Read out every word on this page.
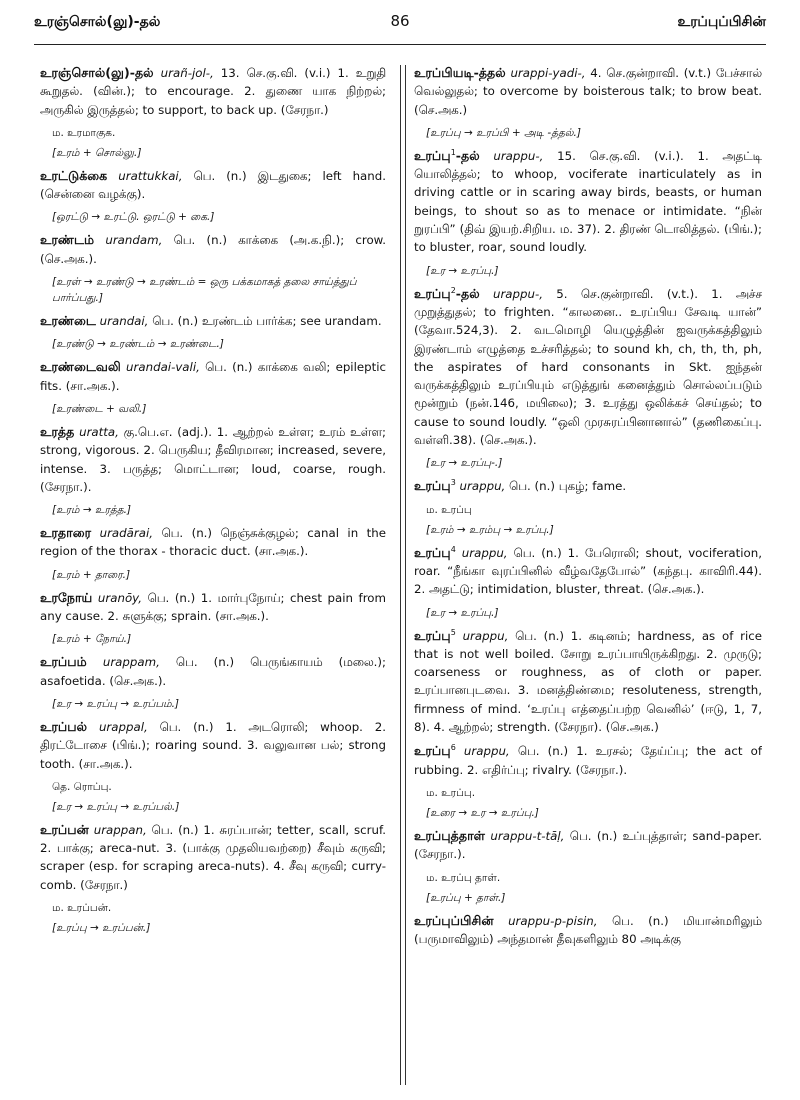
உரஞ்சொல்(லு)-தல்	86	உரப்புப்பிசின்

உரஞ்சொல்(லு)-தல் urañ-jol-, 13. செ.கு.வி. (v.i.) 1. உறுதி கூறுதல். (வின்.); to encourage. 2. துணை யாக நிற்றல்; அருகில் இருத்தல்; to support, to back up. (சேரநா.)

ம. உரமாகுக.
[உரம் + சொல்லு.]

உரட்டுக்கை urattukkai, பெ. (n.) இடதுகை; left hand. (சென்னை வழக்கு).

[ஒரட்டு → உரட்டு. ஒரட்டு + கை.]

உரண்டம் urandam, பெ. (n.) காக்கை (அ.க.நி.); crow. (செ.அக.).

[உரள் → உரண்டு → உரண்டம் = ஒரு பக்கமாகத் தலை சாய்த்துப் பார்ப்பது.]

உரண்டை urandai, பெ. (n.) உரண்டம் பார்க்க; see urandam.

[உரண்டு → உரண்டம் → உரண்டை.]

உரண்டைவலி urandai-vali, பெ. (n.) காக்கை வலி; epileptic fits. (சா.அக.).

[உரண்டை + வலி.]

உரத்த uratta, கு.பெ.எ. (adj.). 1. ஆற்றல் உள்ள; உரம் உள்ள; strong, vigorous. 2. பெருகிய; தீவிரமான; increased, severe, intense. 3. பருத்த; மொட்டான; loud, coarse, rough. (சேரநா.).

[உரம் → உரத்த.]

உரதாரை uradārai, பெ. (n.) நெஞ்சுக்குழல்; canal in the region of the thorax - thoracic duct. (சா.அக.).

[உரம் + தாரை.]

உரநோய் uranōy, பெ. (n.) 1. மார்புநோய்; chest pain from any cause. 2. சுளுக்கு; sprain. (சா.அக.).

[உரம் + நோய்.]

உரப்பம் urappam, பெ. (n.) பெருங்காயம் (மலை.); asafoetida. (செ.அக.).

[உர → உரப்பு → உரப்பம்.]

உரப்பல் urappal, பெ. (n.) 1. அடரொலி; whoop. 2. திரட்டோசை (பிங்.); roaring sound. 3. வலுவான பல்; strong tooth. (சா.அக.).

தெ. ரொப்பு.
[உர → உரப்பு → உரப்பல்.]

உரப்பன் urappan, பெ. (n.) 1. சுரப்பான்; tetter, scall, scruf. 2. பாக்கு; areca-nut. 3. (பாக்கு முதலியவற்றை) சீவும் கருவி; scraper (esp. for scraping areca-nuts). 4. சீவு கருவி; curry-comb. (சேரநா.)

ம. உரப்பன்.
[உரப்பு → உரப்பன்.]

உரப்பியடி-த்தல் urappi-yadi-, 4. செ.குன்றாவி. (v.t.) பேச்சால் வெல்லுதல்; to overcome by boisterous talk; to brow beat. (செ.அக.)

[உரப்பு → உரப்பி + அடி -த்தல்.]

உரப்பு$^1$-தல் urappu-, 15. செ.கு.வி. (v.i.). 1. அதட்டி யொலித்தல்; to whoop, vociferate inarticulately as in driving cattle or in scaring away birds, beasts, or human beings, to shout so as to menace or intimidate. “நின் றுரப்பி” (திவ் இயற்.சிறிய. ம. 37). 2. திரண் டொலித்தல். (பிங்.); to bluster, roar, sound loudly.

[உர → உரப்பு.]

உரப்பு$^2$-தல் urappu-, 5. செ.குன்றாவி. (v.t.). 1. அச்ச முறுத்துதல்; to frighten. “காலனை.. உரப்பிய சேவடி யான்” (தேவா.524,3). 2. வடமொழி யெழுத்தின் ஐவருக்கத்திலும் இரண்டாம் எழுத்தை உச்சரித்தல்; to sound kh, ch, th, th, ph, the aspirates of hard consonants in Skt. ஐந்தன் வருக்கத்திலும் உரப்பியும் எடுத்துங் கனைத்தும் சொல்லப்படும் மூன்றும் (நன்.146, மயிலை); 3. உரத்து ஒலிக்கச் செய்தல்; to cause to sound loudly. “ஒலி முரசுரப்பினானால்” (தணிகைப்பு. வள்ளி.38). (செ.அக.).

[உர → உரப்பு-.]

உரப்பு$^3$ urappu, பெ. (n.) புகழ்; fame.

ம. உரப்பு
[உரம் → உரம்பு → உரப்பு.]

உரப்பு$^4$ urappu, பெ. (n.) 1. பேரொலி; shout, vociferation, roar. “நீங்கா வுரப்பினில் வீழ்வதேபோல்” (கந்தபு. காவிரி.44). 2. அதட்டு; intimidation, bluster, threat. (செ.அக.).

[உர → உரப்பு.]

உரப்பு$^5$ urappu, பெ. (n.) 1. கடினம்; hardness, as of rice that is not well boiled. சோறு உரப்பாயிருக்கிறது. 2. முருடு; coarseness or roughness, as of cloth or paper. உரப்பானபுடவை. 3. மனத்திண்மை; resoluteness, strength, firmness of mind. ‘உரப்பு எத்தைப்பற்ற வெனில்’ (ஈடு, 1, 7, 8). 4. ஆற்றல்; strength. (சேரநா). (செ.அக.)

உரப்பு$^6$ urappu, பெ. (n.) 1. உரசல்; தேய்ப்பு; the act of rubbing. 2. எதிர்ப்பு; rivalry. (சேரநா.).

ம. உரப்பு.
[உரை → உர → உரப்பு.]

உரப்புத்தாள் urappu-t-tāḷ, பெ. (n.) உப்புத்தாள்; sand-paper.(சேரநா.).

ம. உரப்பு தாள்.
[உரப்பு + தாள்.]

உரப்புப்பிசின் urappu-p-pisin, பெ. (n.) மியான்மரிலும் (பருமாவிலும்) அந்தமான் தீவுகளிலும் 80 அடிக்கு
